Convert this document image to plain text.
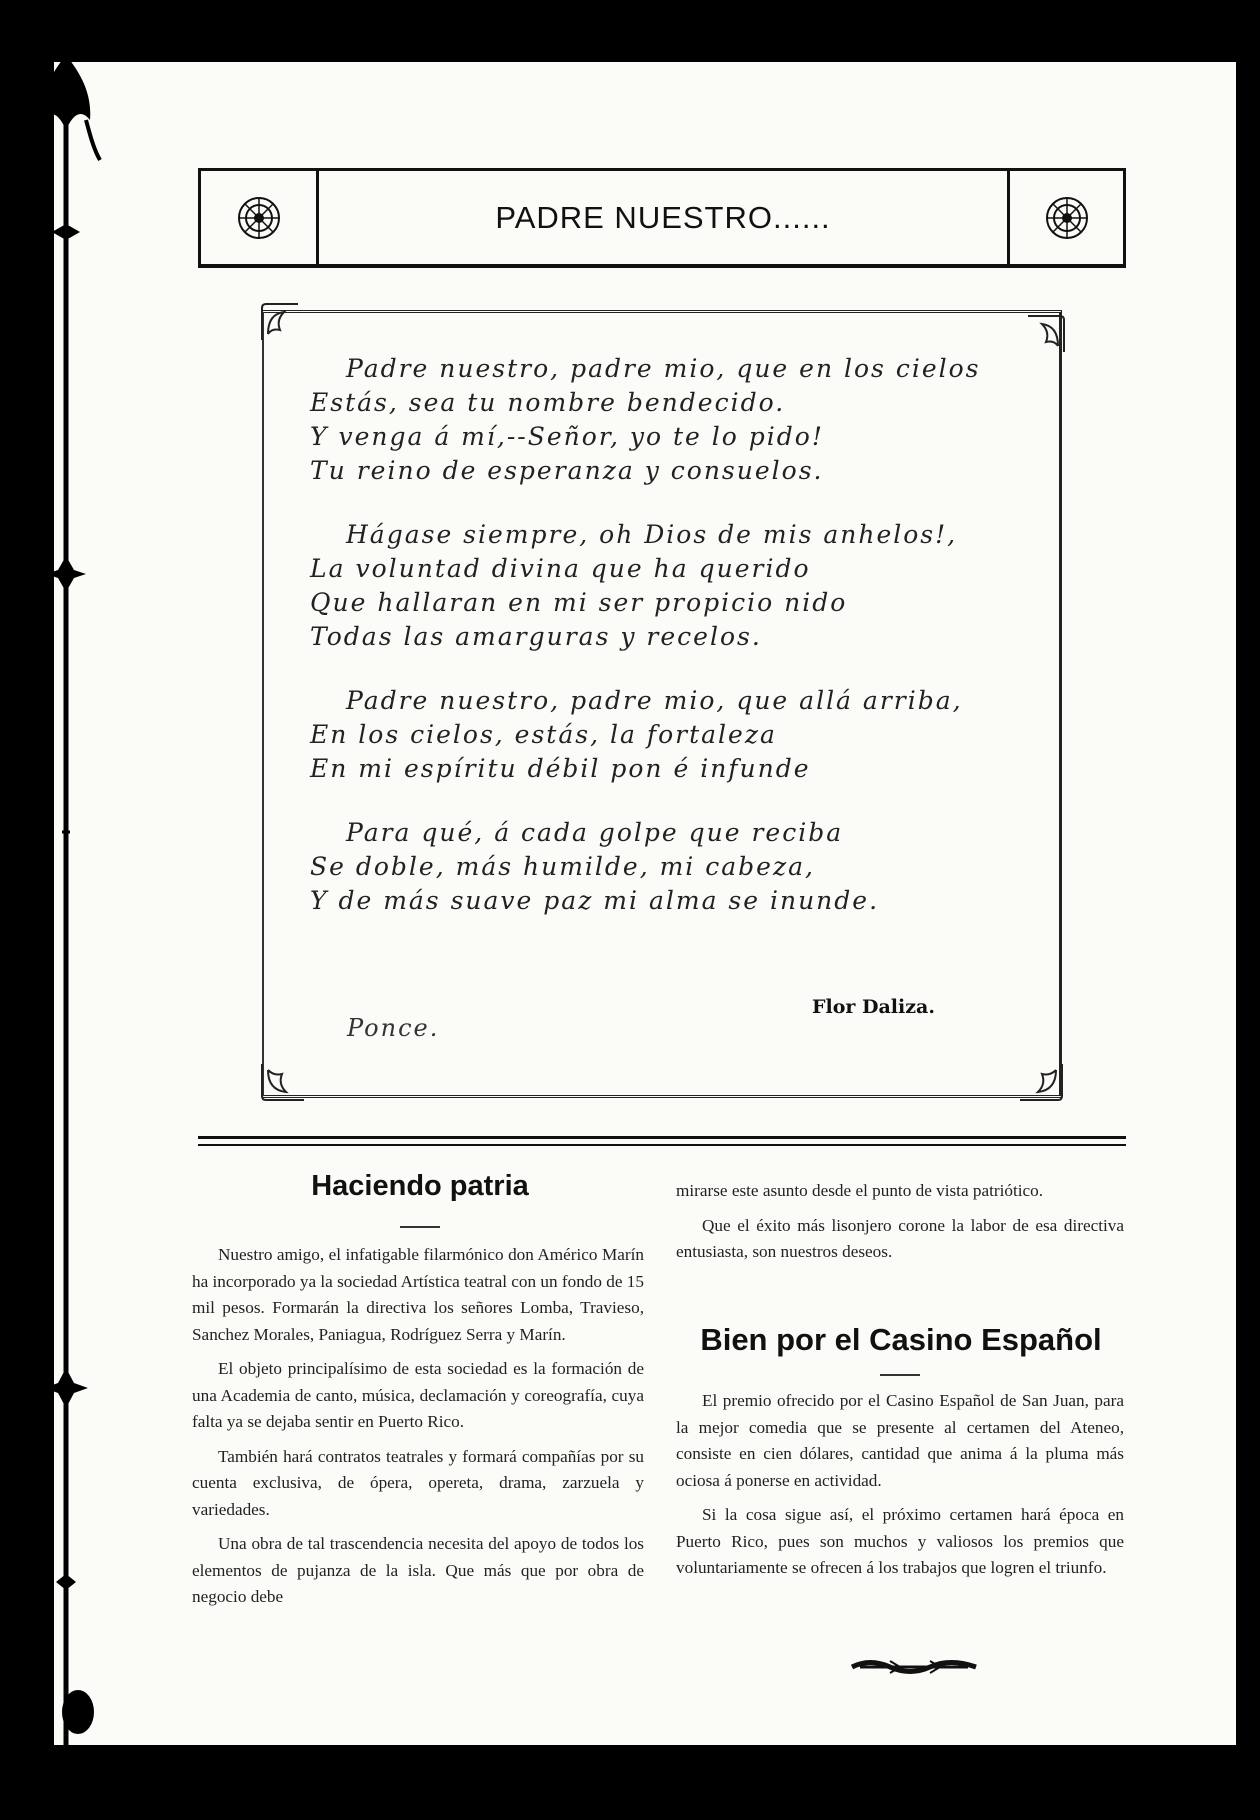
PADRE NUESTRO......
Padre nuestro, padre mio, que en los cielos
Estás, sea tu nombre bendecido.
Y venga á mí,--Señor, yo te lo pido!
Tu reino de esperanza y consuelos.
Hágase siempre, oh Dios de mis anhelos!,
La voluntad divina que ha querido
Que hallaran en mi ser propicio nido
Todas las amarguras y recelos.
Padre nuestro, padre mio, que allá arriba,
En los cielos, estás, la fortaleza
En mi espíritu débil pon é infunde
Para qué, á cada golpe que reciba
Se doble, más humilde, mi cabeza,
Y de más suave paz mi alma se inunde.
Flor Daliza.
Ponce.
Haciendo patria

Nuestro amigo, el infatigable filarmónico don Américo Marín ha incorporado ya la sociedad Artística teatral con un fondo de 15 mil pesos. Formarán la directiva los señores Lomba, Travieso, Sanchez Morales, Paniagua, Rodríguez Serra y Marín.

El objeto principalísimo de esta sociedad es la formación de una Academia de canto, música, declamación y coreografía, cuya falta ya se dejaba sentir en Puerto Rico.

También hará contratos teatrales y formará compañías por su cuenta exclusiva, de ópera, opereta, drama, zarzuela y variedades.

Una obra de tal trascendencia necesita del apoyo de todos los elementos de pujanza de la isla. Que más que por obra de negocio debe

mirarse este asunto desde el punto de vista patriótico.

Que el éxito más lisonjero corone la labor de esa directiva entusiasta, son nuestros deseos.

Bien por el Casino Español

El premio ofrecido por el Casino Español de San Juan, para la mejor comedia que se presente al certamen del Ateneo, consiste en cien dólares, cantidad que anima á la pluma más ociosa á ponerse en actividad.

Si la cosa sigue así, el próximo certamen hará época en Puerto Rico, pues son muchos y valiosos los premios que voluntariamente se ofrecen á los trabajos que logren el triunfo.
